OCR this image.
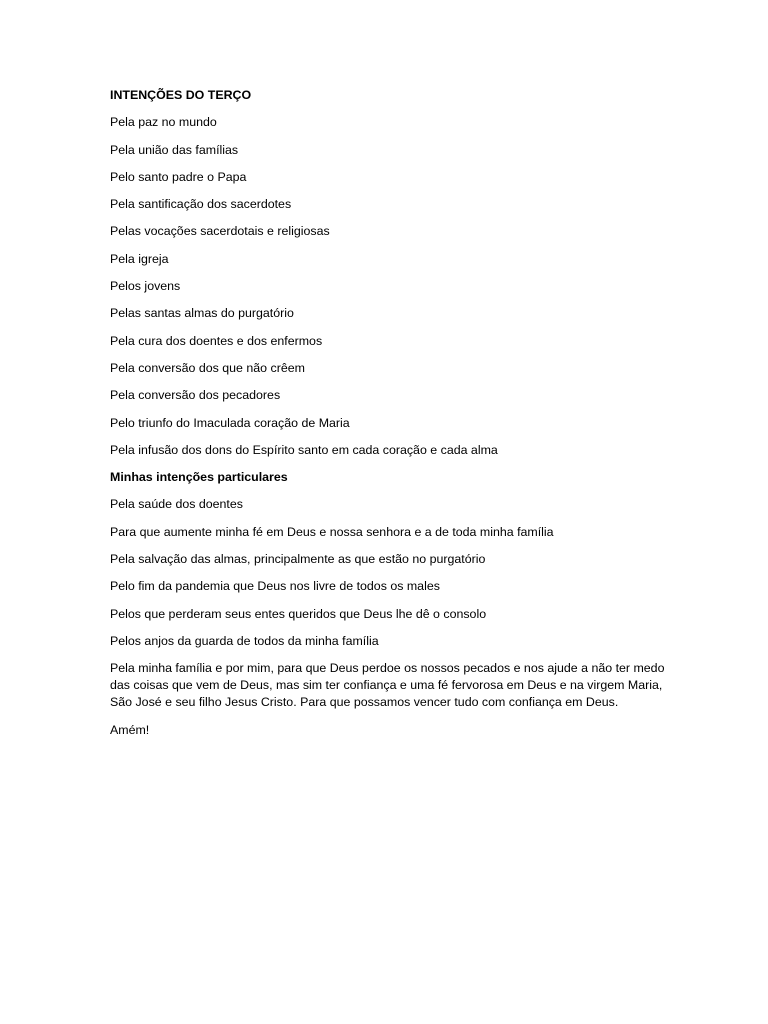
INTENÇÕES DO TERÇO

Pela paz no mundo

Pela união das famílias

Pelo santo padre o Papa

Pela santificação dos sacerdotes

Pelas vocações sacerdotais e religiosas

Pela igreja

Pelos jovens

Pelas santas almas do purgatório

Pela cura dos doentes e dos enfermos

Pela conversão dos que não crêem

Pela conversão dos pecadores

Pelo triunfo do Imaculada coração de Maria

Pela infusão dos dons do Espírito santo em cada coração e cada alma

Minhas intenções particulares

Pela saúde dos doentes

Para que aumente minha fé em Deus e nossa senhora e a de toda minha família

Pela salvação das almas, principalmente as que estão no purgatório

Pelo fim da pandemia que Deus nos livre de todos os males

Pelos que perderam seus entes queridos que Deus lhe dê o consolo

Pelos anjos da guarda de todos da minha família

Pela minha família e por mim, para que Deus perdoe os nossos pecados e nos ajude a não ter medo das coisas que vem de Deus, mas sim ter confiança e uma fé fervorosa em Deus e na virgem Maria, São José e seu filho Jesus Cristo. Para que possamos vencer tudo com confiança em Deus.

Amém!
